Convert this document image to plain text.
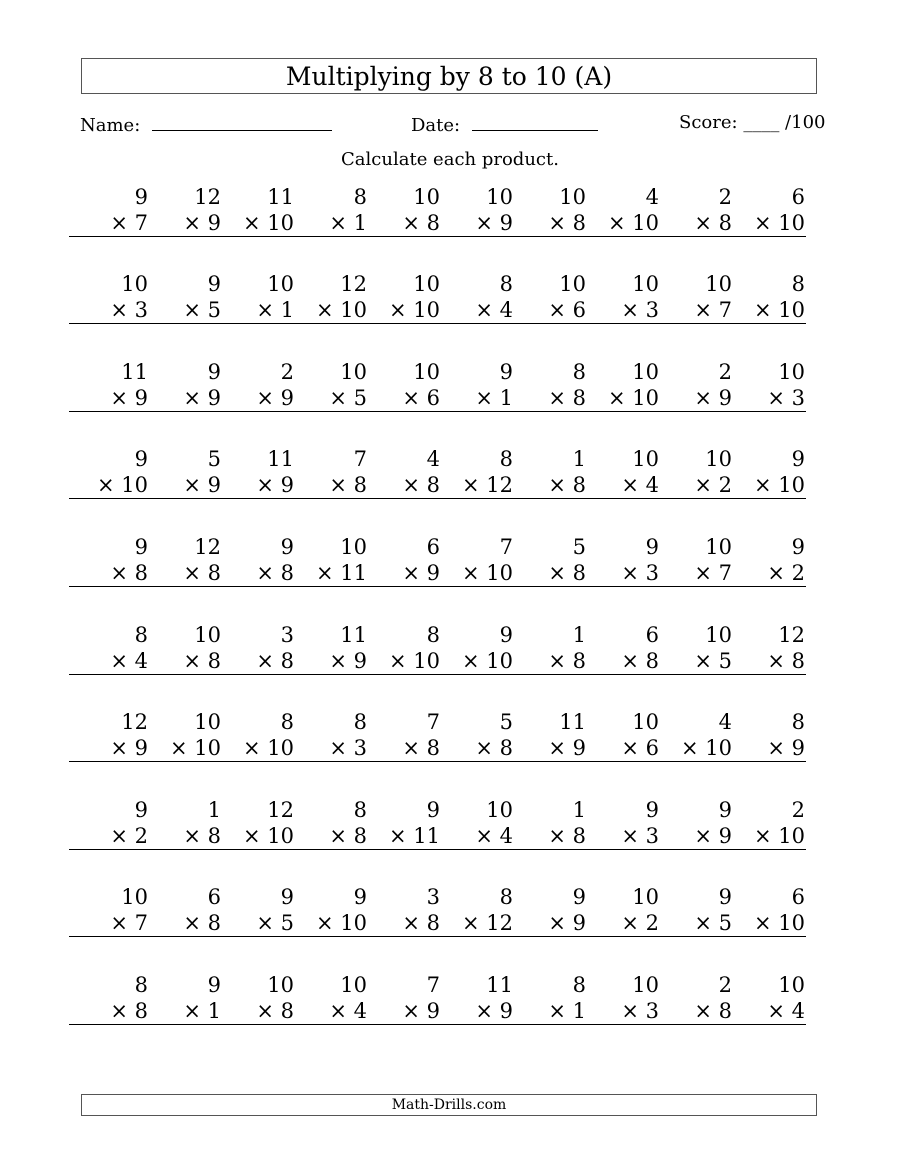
Multiplying by 8 to 10 (A)
Name:	Date:	Score: ____ /100
Calculate each product.
9
× 7
12
× 9
11
× 10
8
× 1
10
× 8
10
× 9
10
× 8
4
× 10
2
× 8
6
× 10
10
× 3
9
× 5
10
× 1
12
× 10
10
× 10
8
× 4
10
× 6
10
× 3
10
× 7
8
× 10
11
× 9
9
× 9
2
× 9
10
× 5
10
× 6
9
× 1
8
× 8
10
× 10
2
× 9
10
× 3
9
× 10
5
× 9
11
× 9
7
× 8
4
× 8
8
× 12
1
× 8
10
× 4
10
× 2
9
× 10
9
× 8
12
× 8
9
× 8
10
× 11
6
× 9
7
× 10
5
× 8
9
× 3
10
× 7
9
× 2
8
× 4
10
× 8
3
× 8
11
× 9
8
× 10
9
× 10
1
× 8
6
× 8
10
× 5
12
× 8
12
× 9
10
× 10
8
× 10
8
× 3
7
× 8
5
× 8
11
× 9
10
× 6
4
× 10
8
× 9
9
× 2
1
× 8
12
× 10
8
× 8
9
× 11
10
× 4
1
× 8
9
× 3
9
× 9
2
× 10
10
× 7
6
× 8
9
× 5
9
× 10
3
× 8
8
× 12
9
× 9
10
× 2
9
× 5
6
× 10
8
× 8
9
× 1
10
× 8
10
× 4
7
× 9
11
× 9
8
× 1
10
× 3
2
× 8
10
× 4
Math-Drills.com
